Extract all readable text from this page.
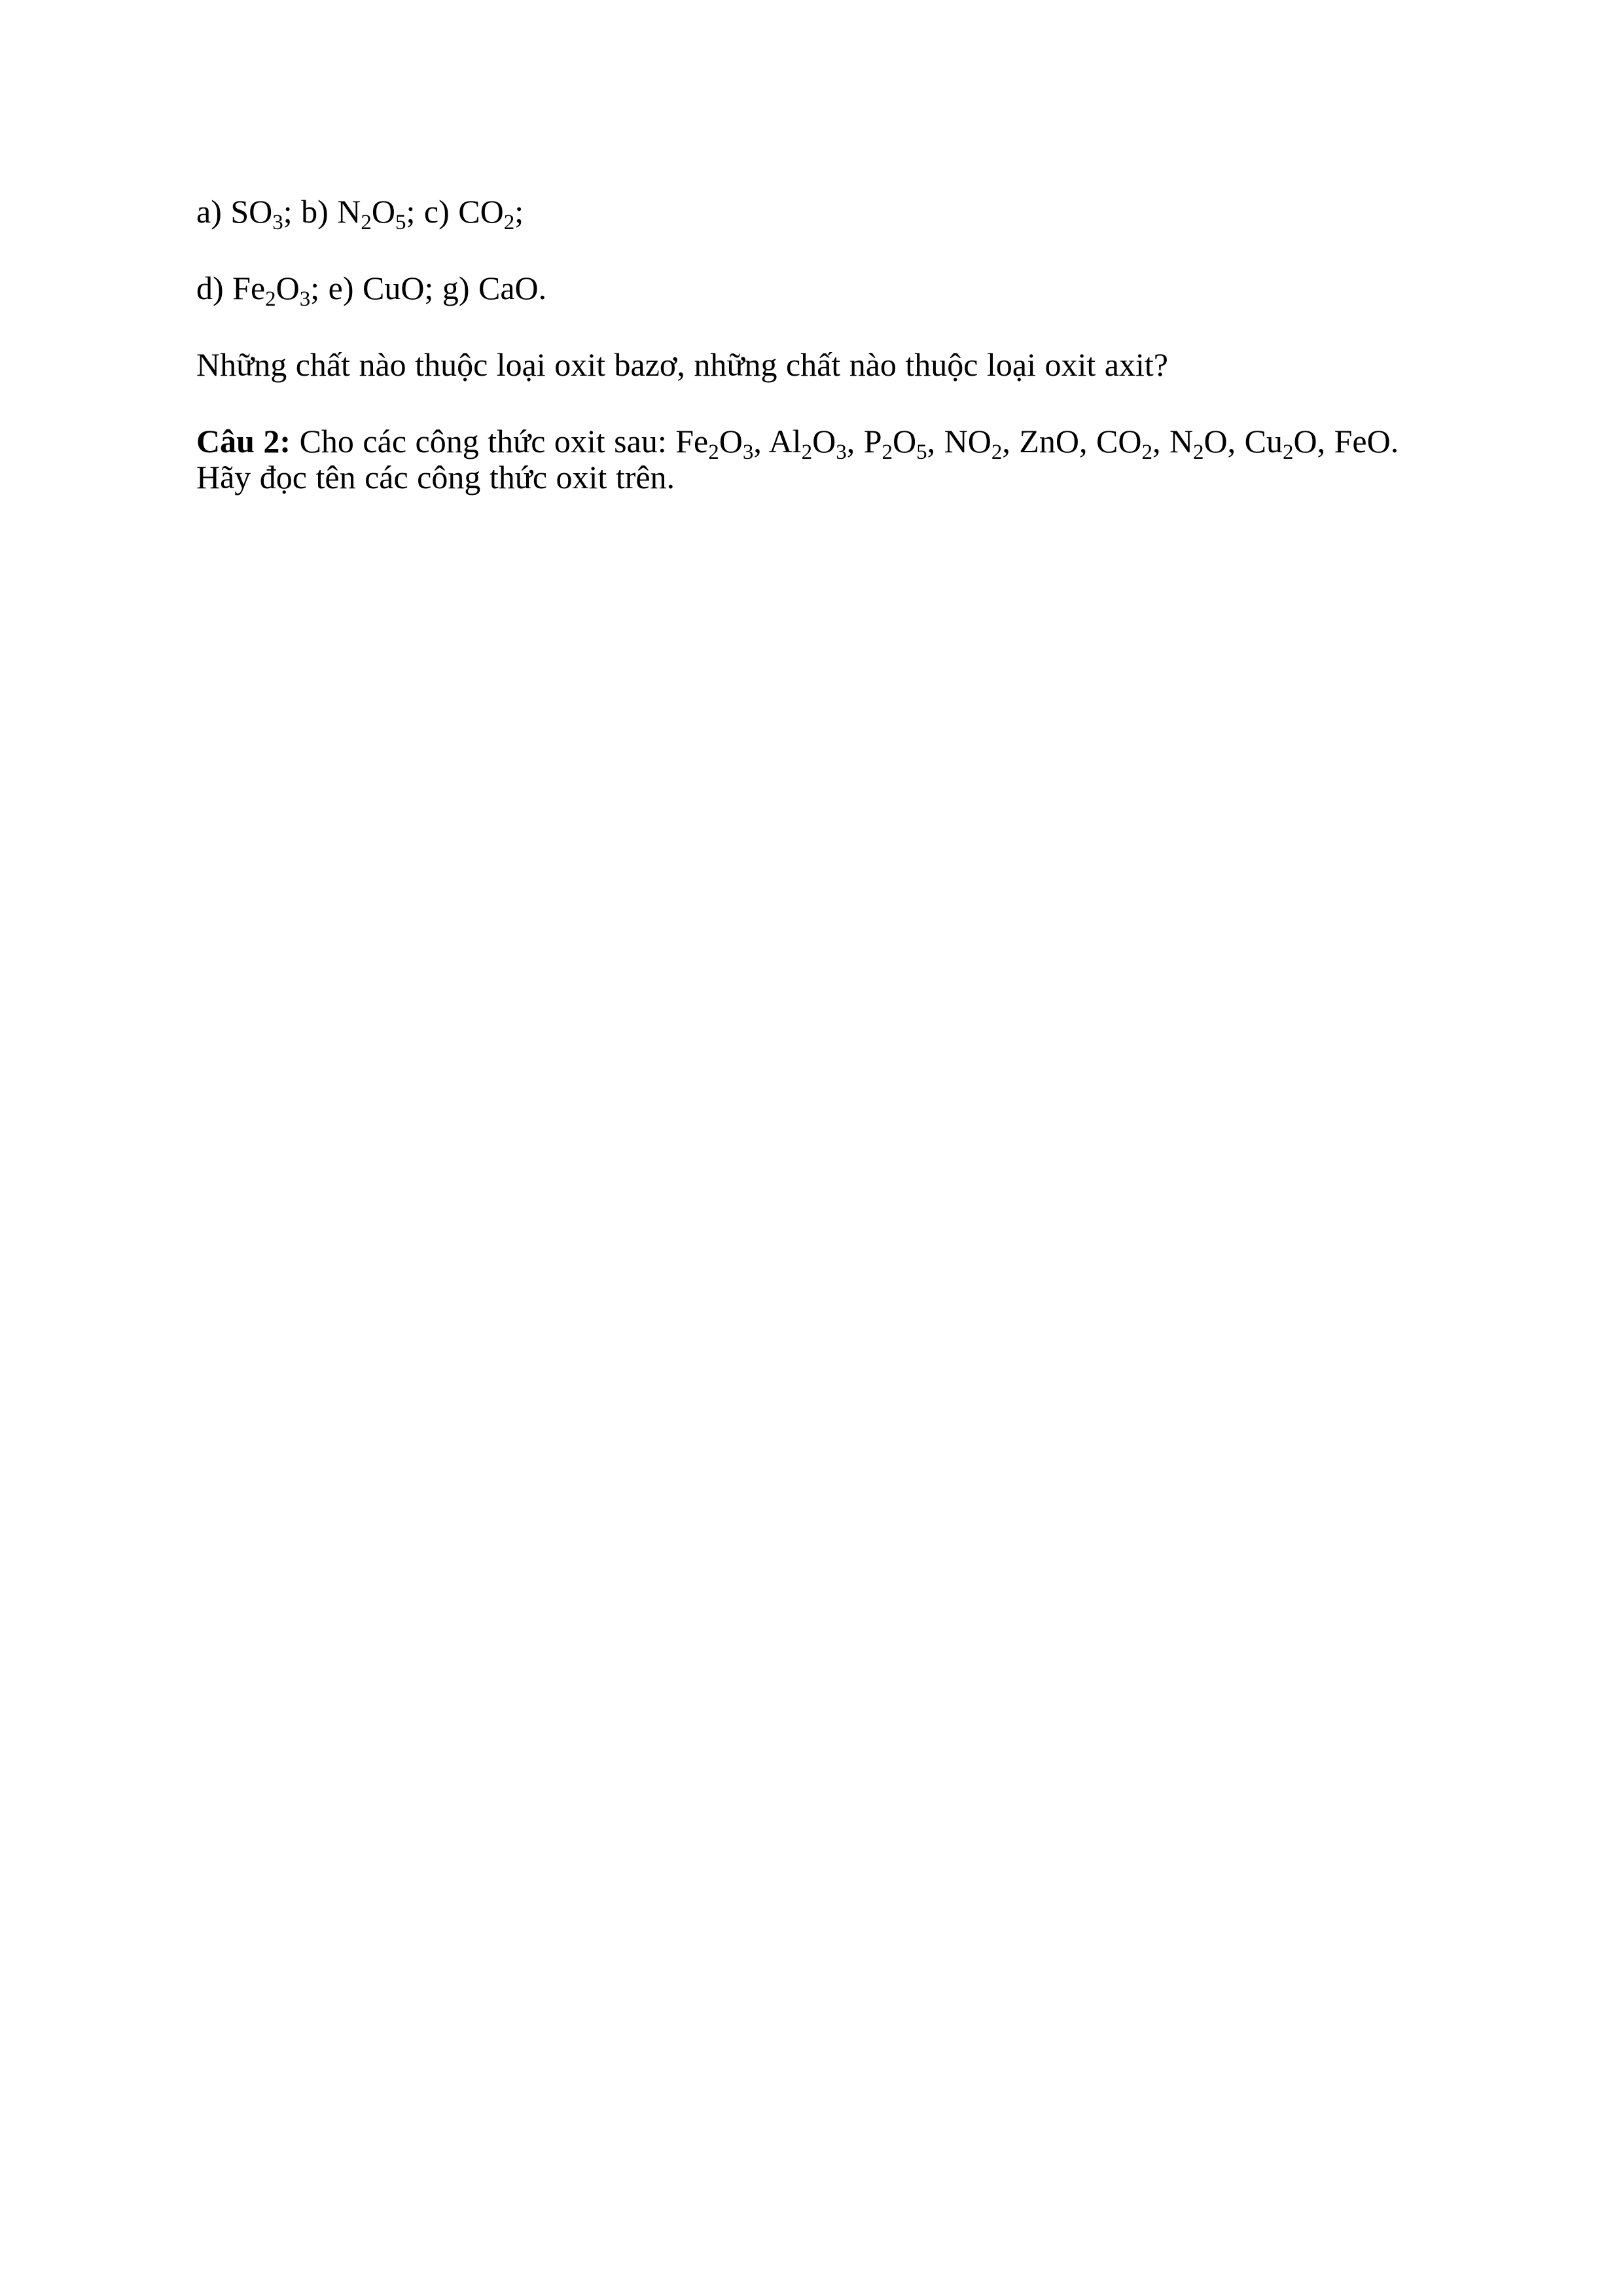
a) $SO_3$; b) $N_2O_5$; c) $CO_2$;

d) $Fe_2O_3$; e) CuO; g) CaO.

Những chất nào thuộc loại oxit bazơ, những chất nào thuộc loại oxit axit?

Câu 2: Cho các công thức oxit sau: $Fe_2O_3$, $Al_2O_3$, $P_2O_5$, $NO_2$, ZnO, $CO_2$, $N_2O$, $Cu_2O$, FeO.
Hãy đọc tên các công thức oxit trên.
